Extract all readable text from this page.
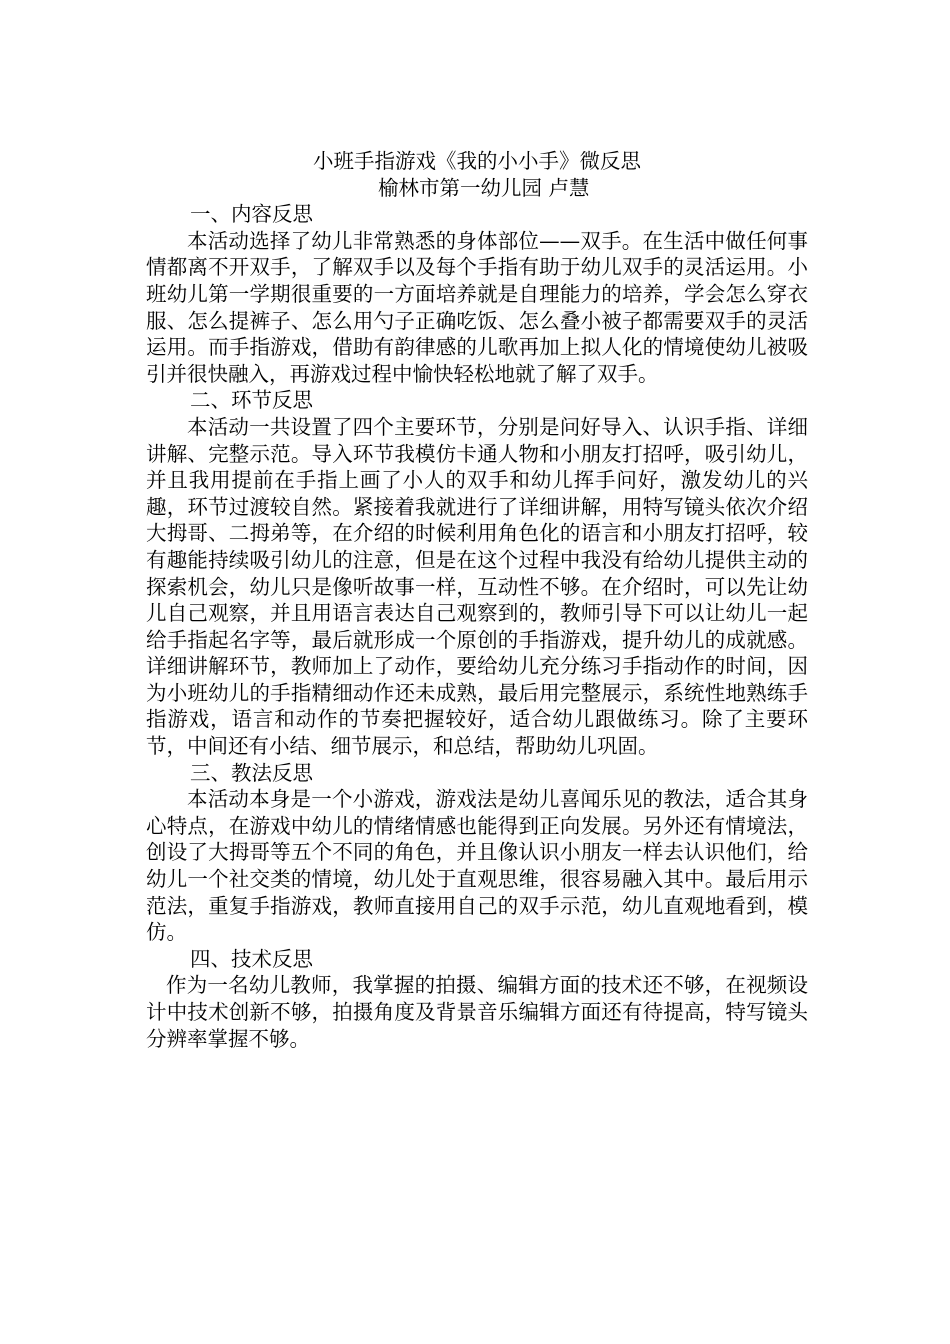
小班手指游戏《我的小小手》微反思
榆林市第一幼儿园 卢慧
一、内容反思

本活动选择了幼儿非常熟悉的身体部位——双手。在生活中做任何事情都离不开双手，了解双手以及每个手指有助于幼儿双手的灵活运用。小班幼儿第一学期很重要的一方面培养就是自理能力的培养，学会怎么穿衣服、怎么提裤子、怎么用勺子正确吃饭、怎么叠小被子都需要双手的灵活运用。而手指游戏，借助有韵律感的儿歌再加上拟人化的情境使幼儿被吸引并很快融入，再游戏过程中愉快轻松地就了解了双手。

二、环节反思

本活动一共设置了四个主要环节，分别是问好导入、认识手指、详细讲解、完整示范。导入环节我模仿卡通人物和小朋友打招呼，吸引幼儿，并且我用提前在手指上画了小人的双手和幼儿挥手问好，激发幼儿的兴趣，环节过渡较自然。紧接着我就进行了详细讲解，用特写镜头依次介绍大拇哥、二拇弟等，在介绍的时候利用角色化的语言和小朋友打招呼，较有趣能持续吸引幼儿的注意，但是在这个过程中我没有给幼儿提供主动的探索机会，幼儿只是像听故事一样，互动性不够。在介绍时，可以先让幼儿自己观察，并且用语言表达自己观察到的，教师引导下可以让幼儿一起给手指起名字等，最后就形成一个原创的手指游戏，提升幼儿的成就感。详细讲解环节，教师加上了动作，要给幼儿充分练习手指动作的时间，因为小班幼儿的手指精细动作还未成熟，最后用完整展示，系统性地熟练手指游戏，语言和动作的节奏把握较好，适合幼儿跟做练习。除了主要环节，中间还有小结、细节展示，和总结，帮助幼儿巩固。

三、教法反思

本活动本身是一个小游戏，游戏法是幼儿喜闻乐见的教法，适合其身心特点，在游戏中幼儿的情绪情感也能得到正向发展。另外还有情境法，创设了大拇哥等五个不同的角色，并且像认识小朋友一样去认识他们，给幼儿一个社交类的情境，幼儿处于直观思维，很容易融入其中。最后用示范法，重复手指游戏，教师直接用自己的双手示范，幼儿直观地看到，模仿。

四、技术反思

作为一名幼儿教师，我掌握的拍摄、编辑方面的技术还不够，在视频设计中技术创新不够，拍摄角度及背景音乐编辑方面还有待提高，特写镜头分辨率掌握不够。
